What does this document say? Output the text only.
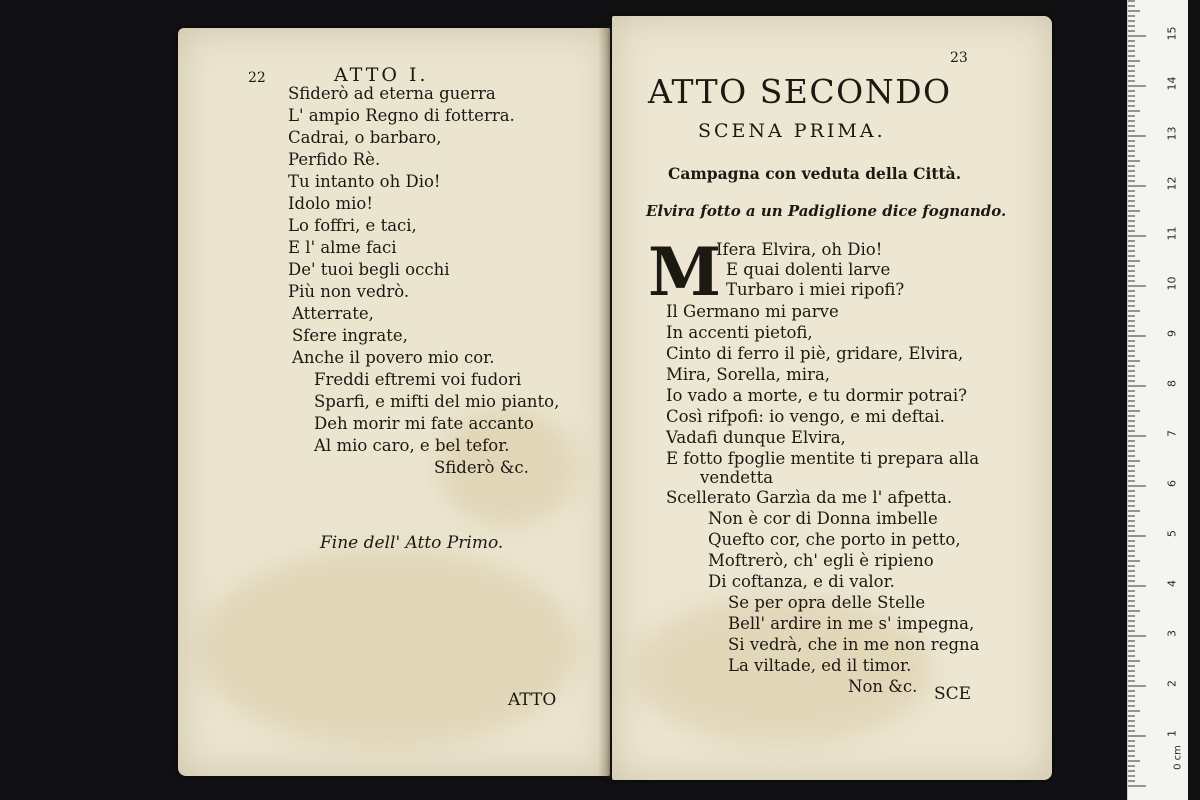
22	ATTO I.
Sfiderò ad eterna guerra
L' ampio Regno di fotterra.
Cadrai, o barbaro,
Perfido Rè.
Tu intanto oh Dio!
Idolo mio!
Lo foffri, e taci,
E l' alme faci
De' tuoi begli occhi
Più non vedrò.
Atterrate,
Sfere ingrate,
Anche il povero mio cor.
Freddi eftremi voi fudori
Sparfi, e mifti del mio pianto,
Deh morir mi fate accanto
Al mio caro, e bel tefor.
Sfiderò &c.
Fine dell' Atto Primo.
ATTO
23
ATTO SECONDO
SCENA PRIMA.
Campagna con veduta della Città.
Elvira fotto a un Padiglione dice fognando.
M
Ifera Elvira, oh Dio!
E quai dolenti larve
Turbaro i miei ripofi?
Il Germano mi parve
In accenti pietofi,
Cinto di ferro il piè, gridare, Elvira,
Mira, Sorella, mira,
Io vado a morte, e tu dormir potrai?
Così rifpofi: io vengo, e mi deftai.
Vadafi dunque Elvira,
E fotto fpoglie mentite ti prepara alla
vendetta
Scellerato Garzìa da me l' afpetta.
Non è cor di Donna imbelle
Quefto cor, che porto in petto,
Moftrerò, ch' egli è ripieno
Di coftanza, e di valor.
Se per opra delle Stelle
Bell' ardire in me s' impegna,
Si vedrà, che in me non regna
La viltade, ed il timor.
Non &c. SCE
0 cm
1
2
3
4
5
6
7
8
9
10
11
12
13
14
15
